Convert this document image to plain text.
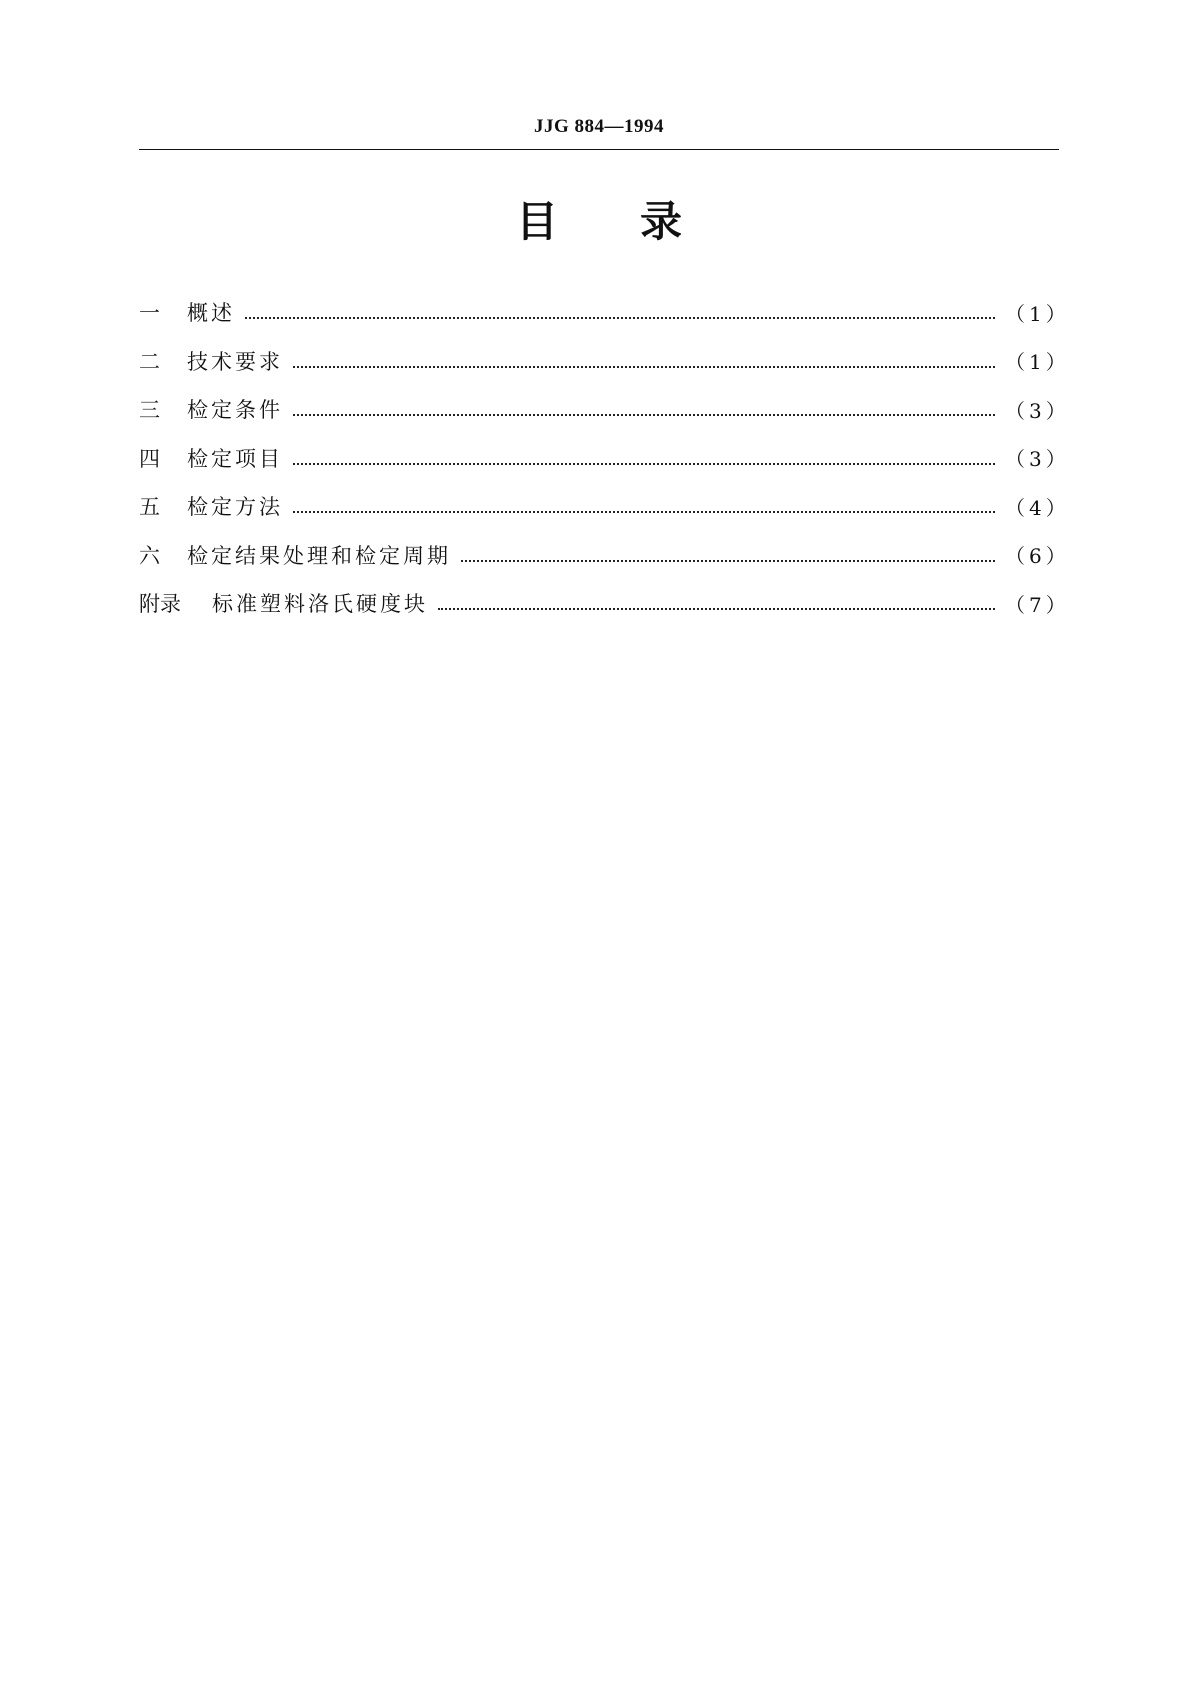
JJG 884—1994
目 录
一	概述	（1）
二	技术要求	（1）
三	检定条件	（3）
四	检定项目	（3）
五	检定方法	（4）
六	检定结果处理和检定周期	（6）
附录	标准塑料洛氏硬度块	（7）
